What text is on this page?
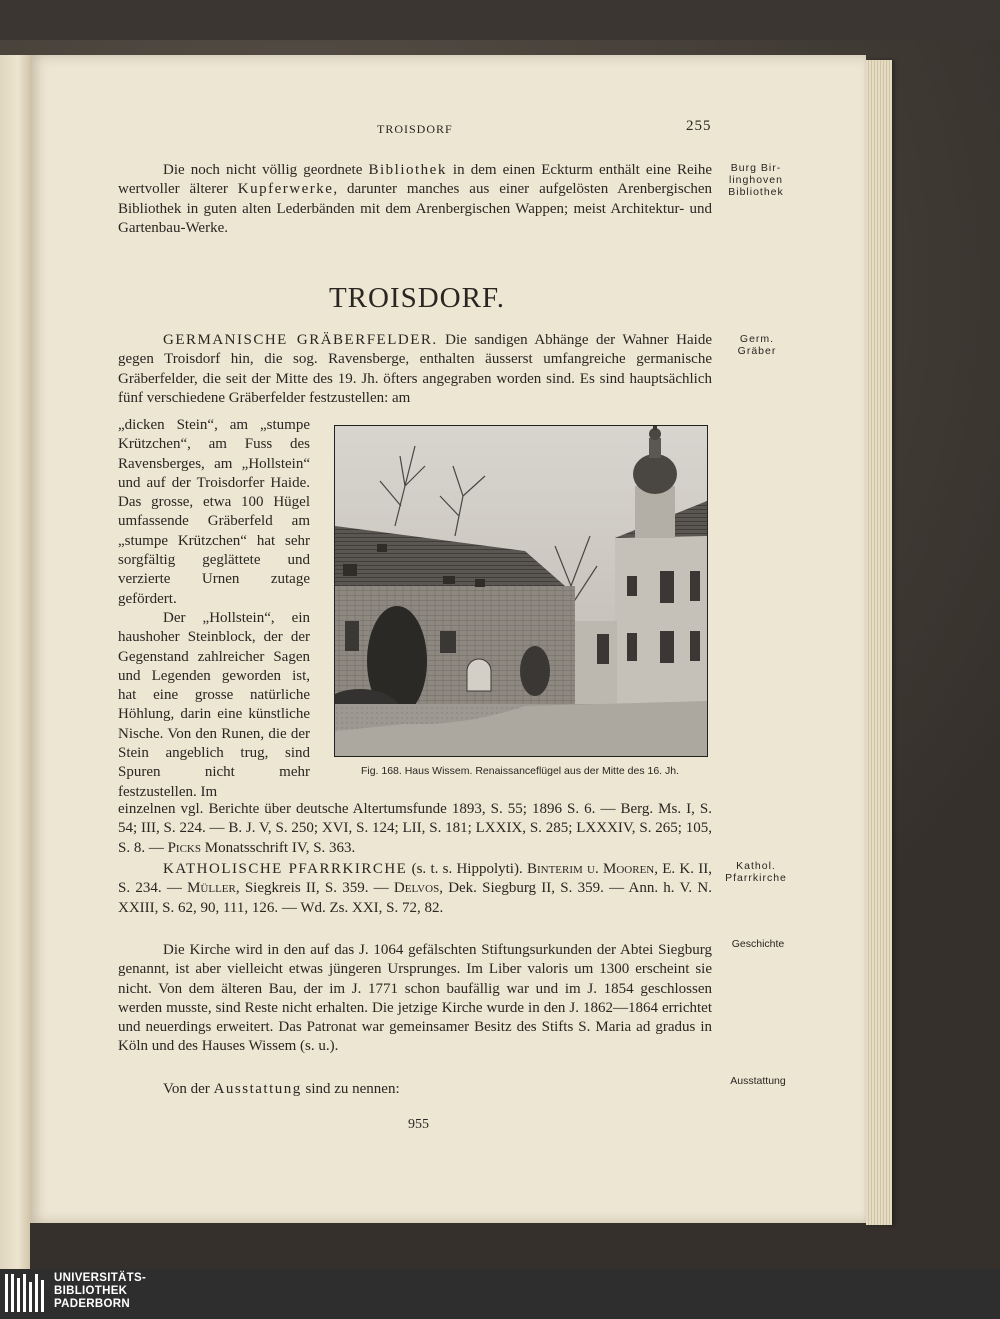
TROISDORF	255
Die noch nicht völlig geordnete Bibliothek in dem einen Eckturm enthält eine Reihe wertvoller älterer Kupferwerke, darunter manches aus einer aufgelösten Arenbergischen Bibliothek in guten alten Lederbänden mit dem Arenbergischen Wappen; meist Architektur- und Gartenbau-Werke.
Burg Bir-
linghoven
Bibliothek
TROISDORF.
GERMANISCHE GRÄBERFELDER. Die sandigen Abhänge der Wahner Haide gegen Troisdorf hin, die sog. Ravensberge, enthalten äusserst umfangreiche germanische Gräberfelder, die seit der Mitte des 19. Jh. öfters angegraben worden sind. Es sind hauptsächlich fünf verschiedene Gräberfelder festzustellen: am
Germ.
Gräber
„dicken Stein“, am „stumpe Krützchen“, am Fuss des Ravensberges, am „Hollstein“ und auf der Troisdorfer Haide. Das grosse, etwa 100 Hügel umfassende Gräberfeld am „stumpe Krützchen“ hat sehr sorgfältig geglättete und verzierte Urnen zutage gefördert.
Der „Hollstein“, ein haushoher Steinblock, der der Gegenstand zahlreicher Sagen und Legenden geworden ist, hat eine grosse natürliche Höhlung, darin eine künstliche Nische. Von den Runen, die der Stein angeblich trug, sind Spuren nicht mehr festzustellen. Im
Fig. 168. Haus Wissem. Renaissanceflügel aus der Mitte des 16. Jh.
einzelnen vgl. Berichte über deutsche Altertumsfunde 1893, S. 55; 1896 S. 6. — Berg. Ms. I, S. 54; III, S. 224. — B. J. V, S. 250; XVI, S. 124; LII, S. 181; LXXIX, S. 285; LXXXIV, S. 265; 105, S. 8. — Picks Monatsschrift IV, S. 363.
KATHOLISCHE PFARRKIRCHE (s. t. s. Hippolyti). Binterim u. Mooren, E. K. II, S. 234. — Müller, Siegkreis II, S. 359. — Delvos, Dek. Siegburg II, S. 359. — Ann. h. V. N. XXIII, S. 62, 90, 111, 126. — Wd. Zs. XXI, S. 72, 82.
Kathol.
Pfarrkirche
Die Kirche wird in den auf das J. 1064 gefälschten Stiftungsurkunden der Abtei Siegburg genannt, ist aber vielleicht etwas jüngeren Ursprunges. Im Liber valoris um 1300 erscheint sie nicht. Von dem älteren Bau, der im J. 1771 schon baufällig war und im J. 1854 geschlossen werden musste, sind Reste nicht erhalten. Die jetzige Kirche wurde in den J. 1862—1864 errichtet und neuerdings erweitert. Das Patronat war gemeinsamer Besitz des Stifts S. Maria ad gradus in Köln und des Hauses Wissem (s. u.).
Geschichte
Von der Ausstattung sind zu nennen:	Ausstattung
955
UNIVERSITÄTS-
BIBLIOTHEK
PADERBORN
